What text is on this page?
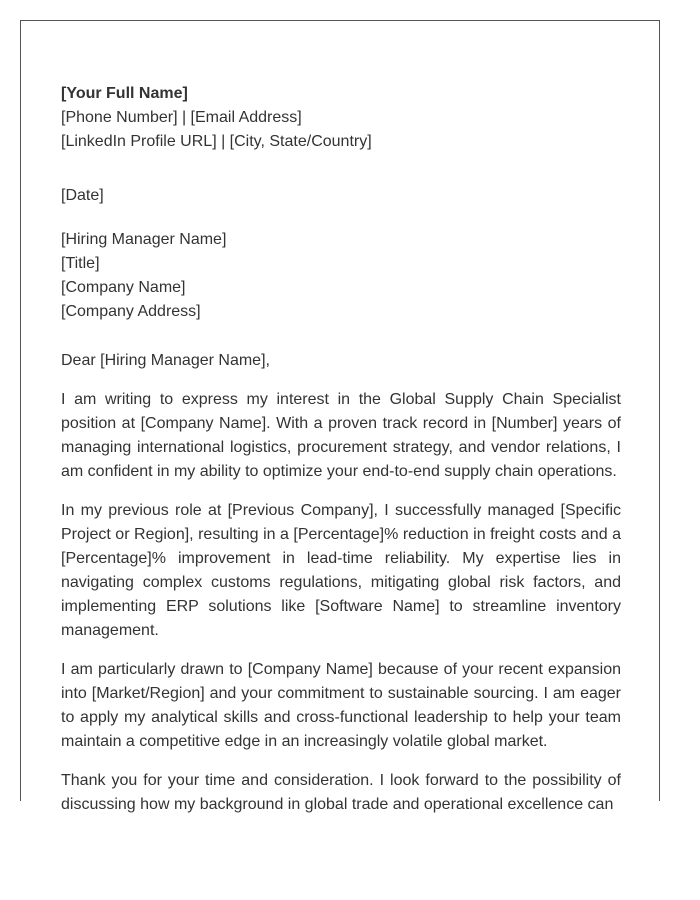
[Your Full Name]
[Phone Number] | [Email Address]
[LinkedIn Profile URL] | [City, State/Country]
[Date]
[Hiring Manager Name]
[Title]
[Company Name]
[Company Address]
Dear [Hiring Manager Name],

I am writing to express my interest in the Global Supply Chain Specialist position at [Company Name]. With a proven track record in [Number] years of managing international logistics, procurement strategy, and vendor relations, I am confident in my ability to optimize your end-to-end supply chain operations.

In my previous role at [Previous Company], I successfully managed [Specific Project or Region], resulting in a [Percentage]% reduction in freight costs and a [Percentage]% improvement in lead-time reliability. My expertise lies in navigating complex customs regulations, mitigating global risk factors, and implementing ERP solutions like [Software Name] to streamline inventory management.

I am particularly drawn to [Company Name] because of your recent expansion into [Market/Region] and your commitment to sustainable sourcing. I am eager to apply my analytical skills and cross-functional leadership to help your team maintain a competitive edge in an increasingly volatile global market.

Thank you for your time and consideration. I look forward to the possibility of discussing how my background in global trade and operational excellence can
